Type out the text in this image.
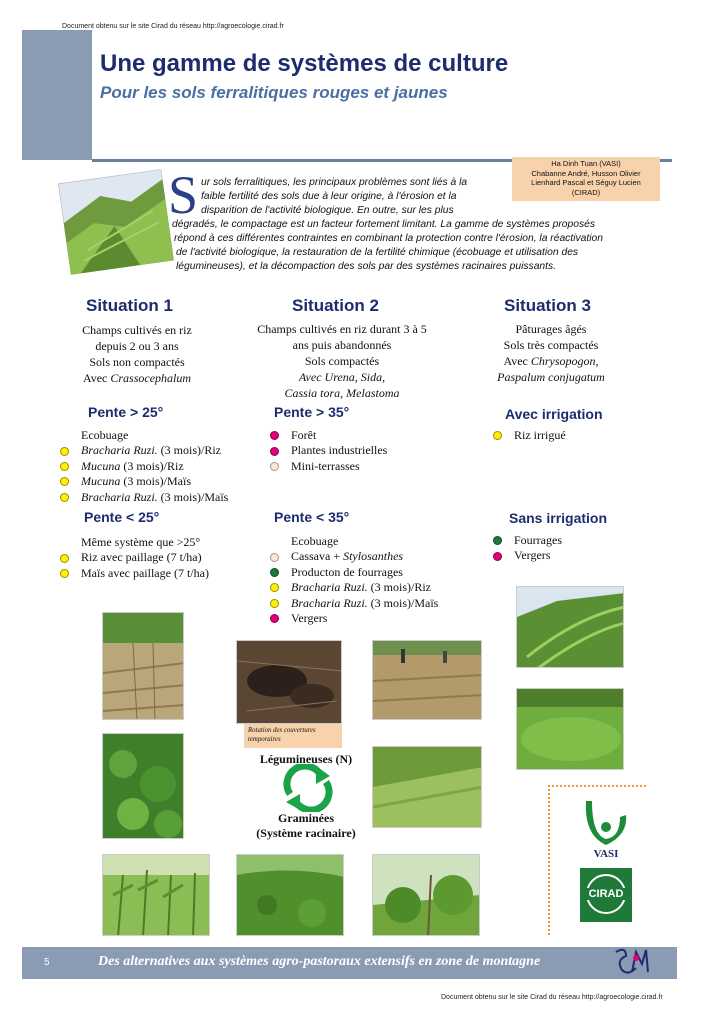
Document obtenu sur le site Cirad du réseau http://agroecologie.cirad.fr
Une gamme de systèmes de culture
Pour les sols ferralitiques rouges et jaunes
Ha Dinh Tuan (VASI)
Chabanne André, Husson Olivier
Lienhard Pascal et Séguy Lucien
(CIRAD)
S ur sols ferralitiques, les principaux problèmes sont liés à la
faible fertilité des sols due à leur origine, à l'érosion et la
disparition de l'activité biologique. En outre, sur les plus
dégradés, le compactage est un facteur fortement limitant. La gamme de systèmes proposés
répond à ces différentes contraintes en combinant la protection contre l'érosion, la réactivation
de l'activité biologique, la restauration de la fertilité chimique (écobuage et utilisation des
légumineuses), et la décompaction des sols par des systèmes racinaires puissants.
Situation 1
Champs cultivés en riz
depuis 2 ou 3 ans
Sols non compactés
Avec Crassocephalum
Situation 2
Champs cultivés en riz durant 3 à 5
ans puis abandonnés
Sols compactés
Avec Urena, Sida,
Cassia tora, Melastoma
Situation 3
Pâturages âgés
Sols très compactés
Avec Chrysopogon,
Paspalum conjugatum
Pente > 25°	Pente > 35°	Avec irrigation
Pente < 25°	Pente < 35°	Sans irrigation
Ecobuage
Bracharia Ruzi. (3 mois)/Riz
Mucuna (3 mois)/Riz
Mucuna (3 mois)/Maïs
Bracharia Ruzi. (3 mois)/Maïs
Même système que >25°
Riz avec paillage (7 t/ha)
Maïs avec paillage (7 t/ha)
Forêt
Plantes industrielles
Mini-terrasses
Ecobuage
Cassava + Stylosanthes
Producton de fourrages
Bracharia Ruzi. (3 mois)/Riz
Bracharia Ruzi. (3 mois)/Maïs
Vergers
Riz irrigué
Fourrages
Vergers
Rotation des couvertures temporaires
Légumineuses (N)
Graminées
(Système racinaire)
VASI
CIRAD
5	Des alternatives aux systèmes agro-pastoraux extensifs en zone de montagne
Document obtenu sur le site Cirad du réseau http://agroecologie.cirad.fr
